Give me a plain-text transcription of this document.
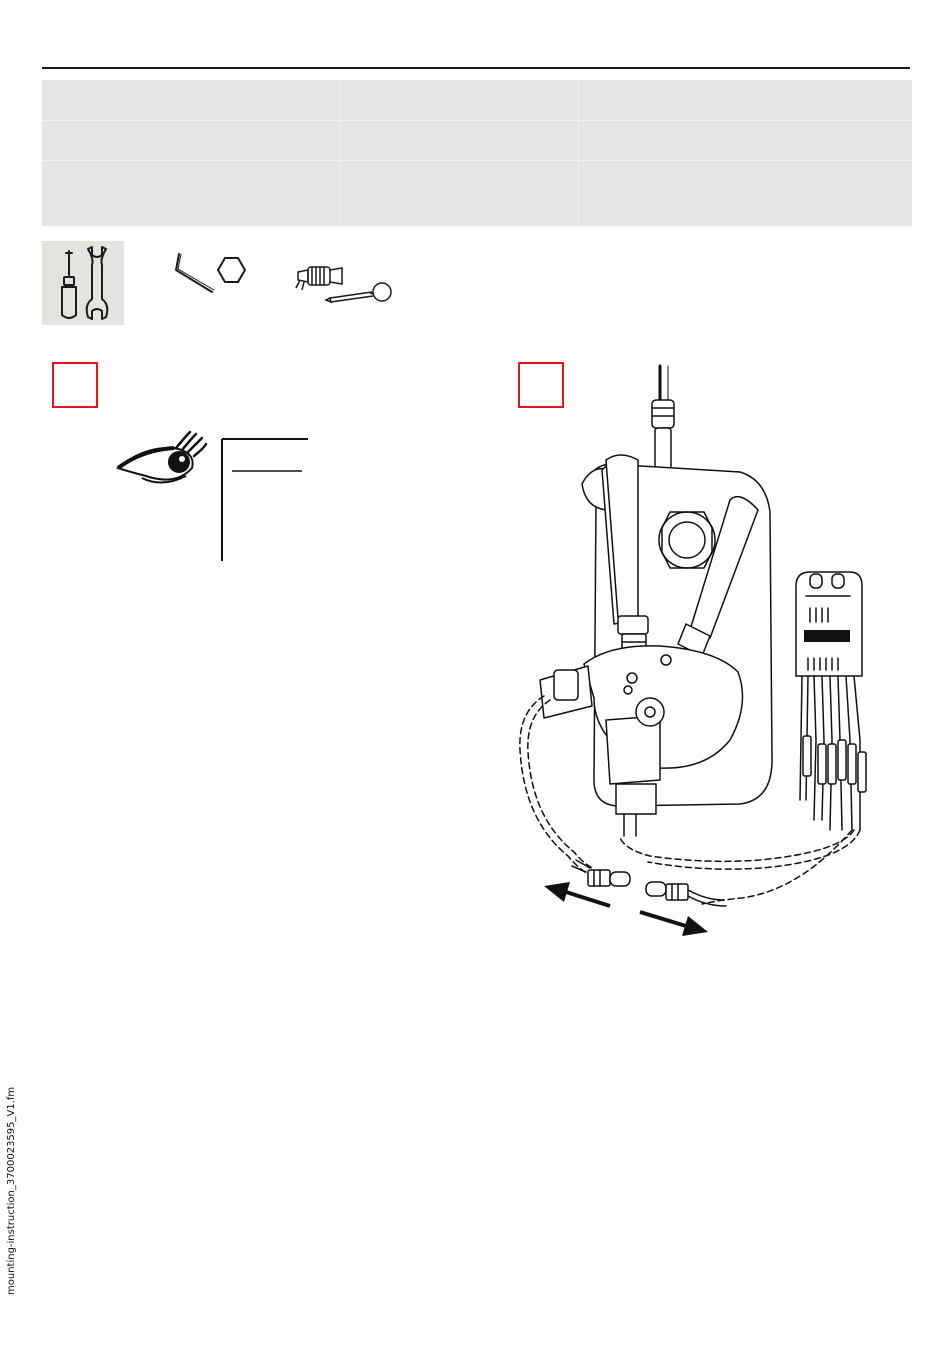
mounting-instruction_3700023595_V1.fm
